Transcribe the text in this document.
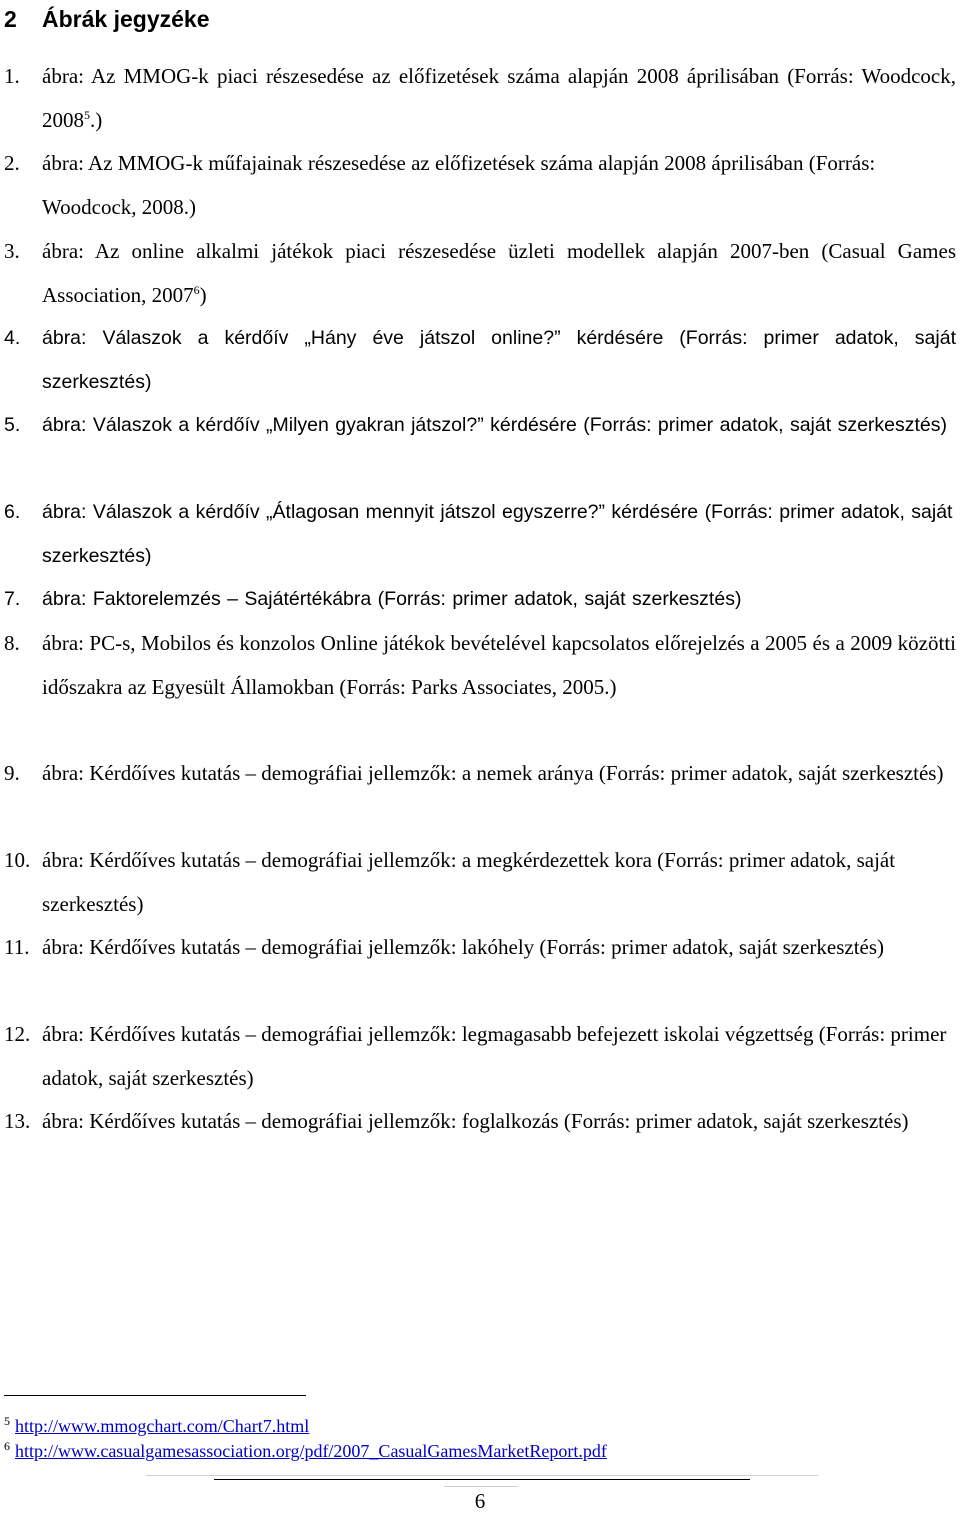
2 Ábrák jegyzéke
1. ábra: Az MMOG-k piaci részesedése az előfizetések száma alapján 2008 áprilisában (Forrás: Woodcock, 2008$^5$.)
2. ábra: Az MMOG-k műfajainak részesedése az előfizetések száma alapján 2008 áprilisában (Forrás: Woodcock, 2008.)
3. ábra: Az online alkalmi játékok piaci részesedése üzleti modellek alapján 2007-ben (Casual Games Association, 2007$^6$)
4. ábra: Válaszok a kérdőív „Hány éve játszol online?” kérdésére (Forrás: primer adatok, saját szerkesztés)
5. ábra: Válaszok a kérdőív „Milyen gyakran játszol?” kérdésére (Forrás: primer adatok, saját szerkesztés)
6. ábra: Válaszok a kérdőív „Átlagosan mennyit játszol egyszerre?” kérdésére (Forrás: primer adatok, saját szerkesztés)
7. ábra: Faktorelemzés – Sajátértékábra (Forrás: primer adatok, saját szerkesztés)
8. ábra: PC-s, Mobilos és konzolos Online játékok bevételével kapcsolatos előrejelzés a 2005 és a 2009 közötti időszakra az Egyesült Államokban (Forrás: Parks Associates, 2005.)
9. ábra: Kérdőíves kutatás – demográfiai jellemzők: a nemek aránya (Forrás: primer adatok, saját szerkesztés)
10. ábra: Kérdőíves kutatás – demográfiai jellemzők: a megkérdezettek kora (Forrás: primer adatok, saját szerkesztés)
11. ábra: Kérdőíves kutatás – demográfiai jellemzők: lakóhely (Forrás: primer adatok, saját szerkesztés)
12. ábra: Kérdőíves kutatás – demográfiai jellemzők: legmagasabb befejezett iskolai végzettség (Forrás: primer adatok, saját szerkesztés)
13. ábra: Kérdőíves kutatás – demográfiai jellemzők: foglalkozás (Forrás: primer adatok, saját szerkesztés)
$^5$ http://www.mmogchart.com/Chart7.html
$^6$ http://www.casualgamesassociation.org/pdf/2007_CasualGamesMarketReport.pdf
6
